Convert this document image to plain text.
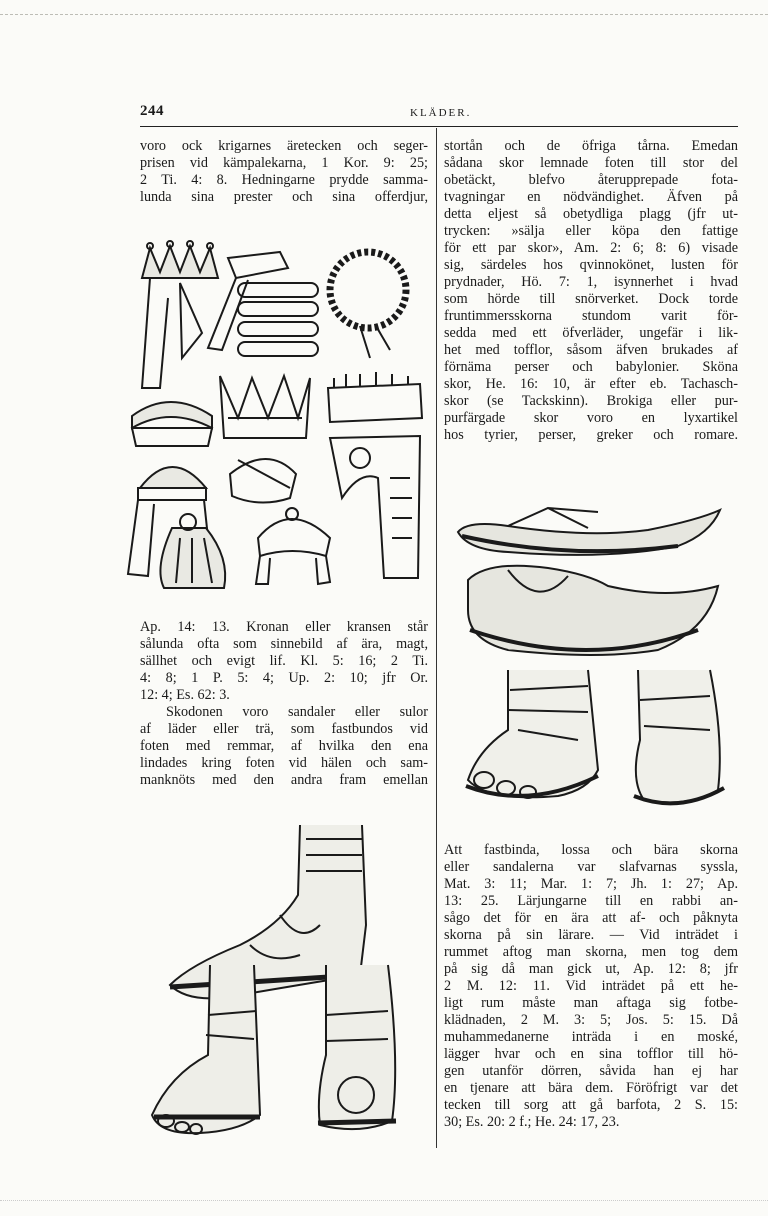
244	KLÄDER.
voro ock krigarnes äretecken och seger-
prisen vid kämpalekarna, 1 Kor. 9: 25;
2 Ti. 4: 8. Hedningarne prydde samma-
lunda sina prester och sina offerdjur,
Ap. 14: 13. Kronan eller kransen står
sålunda ofta som sinnebild af ära, magt,
sällhet och evigt lif. Kl. 5: 16; 2 Ti.
4: 8; 1 P. 5: 4; Up. 2: 10; jfr Or.
12: 4; Es. 62: 3.
Skodonen voro sandaler eller sulor
af läder eller trä, som fastbundos vid
foten med remmar, af hvilka den ena
lindades kring foten vid hälen och sam-
manknöts med den andra fram emellan
stortån och de öfriga tårna. Emedan
sådana skor lemnade foten till stor del
obetäckt, blefvo återupprepade fota-
tvagningar en nödvändighet. Äfven på
detta eljest så obetydliga plagg (jfr ut-
trycken: »sälja eller köpa den fattige
för ett par skor», Am. 2: 6; 8: 6) visade
sig, särdeles hos qvinnokönet, lusten för
prydnader, Hö. 7: 1, isynnerhet i hvad
som hörde till snörverket. Dock torde
fruntimmersskorna stundom varit för-
sedda med ett öfverläder, ungefär i lik-
het med tofflor, såsom äfven brukades af
förnäma perser och babylonier. Sköna
skor, He. 16: 10, är efter eb. Tachasch-
skor (se Tackskinn). Brokiga eller pur-
purfärgade skor voro en lyxartikel
hos tyrier, perser, greker och romare.
Att fastbinda, lossa och bära skorna
eller sandalerna var slafvarnas syssla,
Mat. 3: 11; Mar. 1: 7; Jh. 1: 27; Ap.
13: 25. Lärjungarne till en rabbi an-
sågo det för en ära att af- och påknyta
skorna på sin lärare. — Vid inträdet i
rummet aftog man skorna, men tog dem
på sig då man gick ut, Ap. 12: 8; jfr
2 M. 12: 11. Vid inträdet på ett he-
ligt rum måste man aftaga sig fotbe-
klädnaden, 2 M. 3: 5; Jos. 5: 15. Då
muhammedanerne inträda i en moské,
lägger hvar och en sina tofflor till hö-
gen utanför dörren, såvida han ej har
en tjenare att bära dem. Föröfrigt var det
tecken till sorg att gå barfota, 2 S. 15:
30; Es. 20: 2 f.; He. 24: 17, 23.
